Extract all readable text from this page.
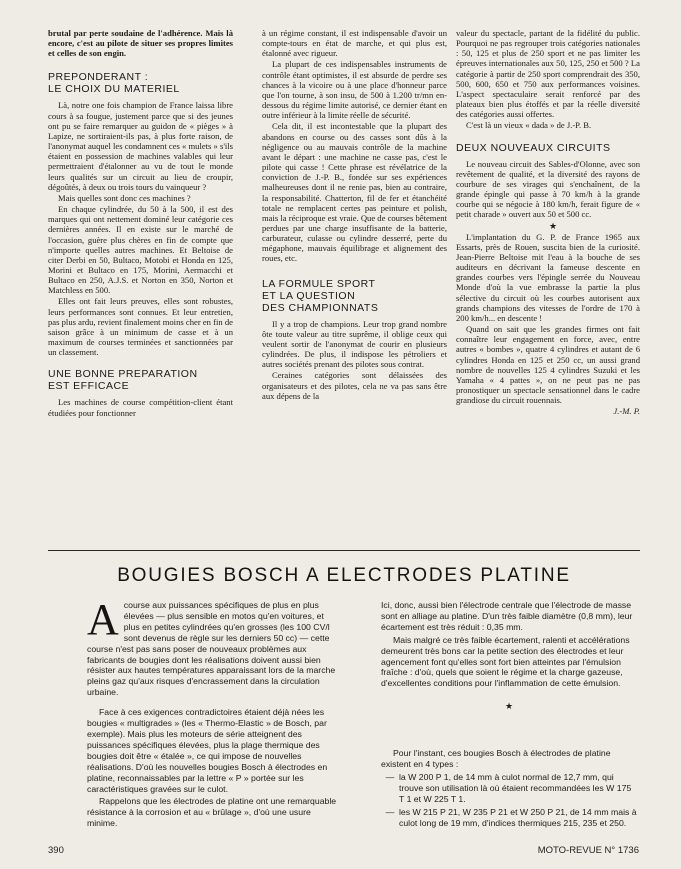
brutal par perte soudaine de l'adhérence. Mais là encore, c'est au pilote de situer ses propres limites et celles de son engin.

PREPONDERANT :
LE CHOIX DU MATERIEL

Là, notre one fois champion de France laissa libre cours à sa fougue, justement parce que si des jeunes ont pu se faire remarquer au guidon de « pièges » à Lapize, ne sortiraient-ils pas, à plus forte raison, de l'anonymat auquel les condamnent ces « mulets » s'ils étaient en possession de machines valables qui leur permettraient d'étalonner au vu de tout le monde leurs qualités sur un circuit au lieu de croupir, dégoûtés, à deux ou trois tours du vainqueur ?

Mais quelles sont donc ces machines ?

En chaque cylindrée, du 50 à la 500, il est des marques qui ont nettement dominé leur catégorie ces dernières années. Il en existe sur le marché de l'occasion, guère plus chères en fin de compte que n'importe quelles autres machines. Et Beltoise de citer Derbi en 50, Bultaco, Motobi et Honda en 125, Morini et Bultaco en 175, Morini, Aermacchi et Bultaco en 250, A.J.S. et Norton en 350, Norton et Matchless en 500.

Elles ont fait leurs preuves, elles sont robustes, leurs performances sont connues. Et leur entretien, pas plus ardu, revient finalement moins cher en fin de saison grâce à un minimum de casse et à un maximum de courses terminées et sanctionnées par un classement.

UNE BONNE PREPARATION
EST EFFICACE

Les machines de course compétition-client étant étudiées pour fonctionner

à un régime constant, il est indispensable d'avoir un compte-tours en état de marche, et qui plus est, étalonné avec rigueur.

La plupart de ces indispensables instruments de contrôle étant optimistes, il est absurde de perdre ses chances à la vicoire ou à une place d'honneur parce que l'on tourne, à son insu, de 500 à 1.200 tr/mn en-dessous du régime limite autorisé, ce dernier étant en outre inférieur à la limite réelle de sécurité.

Cela dit, il est incontestable que la plupart des abandons en course ou des casses sont dûs à la négligence ou au mauvais contrôle de la machine avant le départ : une machine ne casse pas, c'est le pilote qui casse ! Cette phrase est révélatrice de la conviction de J.-P. B., fondée sur ses expériences malheureuses dont il ne renie pas, bien au contraire, la responsabilité. Chatterton, fil de fer et étanchéité totale ne remplacent certes pas peinture et polish, mais la réciproque est vraie. Que de courses bêtement perdues par une charge insuffisante de la batterie, carburateur, culasse ou cylindre desserré, perte du mégaphone, mauvais équilibrage et alignement des roues, etc.

LA FORMULE SPORT
ET LA QUESTION
DES CHAMPIONNATS

Il y a trop de champions. Leur trop grand nombre ôte toute valeur au titre suprême, il oblige ceux qui veulent sortir de l'anonymat de courir en plusieurs cylindrées. De plus, il indispose les pétroliers et autres sociétés prenant des pilotes sous contrat.

Ceraines catégories sont délaissées des organisateurs et des pilotes, cela ne va pas sans être aux dépens de la

valeur du spectacle, partant de la fidélité du public. Pourquoi ne pas regrouper trois catégories nationales : 50, 125 et plus de 250 sport et ne pas limiter les épreuves internationales aux 50, 125, 250 et 500 ? La catégorie à partir de 250 sport comprendrait des 350, 500, 600, 650 et 750 aux performances voisines. L'aspect spectaculaire serait renforcé par des plateaux bien plus étoffés et par la réelle diversité des catégories aussi offertes.

C'est là un vieux « dada » de J.-P. B.

DEUX NOUVEAUX CIRCUITS

Le nouveau circuit des Sables-d'Olonne, avec son revêtement de qualité, et la diversité des rayons de courbure de ses virages qui s'enchaînent, de la grande épingle qui passe à 70 km/h à la grande courbe qui se négocie à 180 km/h, ferait figure de « petit charade » ouvert aux 50 et 500 cc.

★

L'implantation du G. P. de France 1965 aux Essarts, près de Rouen, suscita bien de la curiosité. Jean-Pierre Beltoise mit l'eau à la bouche de ses auditeurs en décrivant la fameuse descente en grandes courbes vers l'épingle serrée du Nouveau Monde d'où la vue embrasse la partie la plus sélective du circuit où les courbes autorisent aux grands champions des vitesses de l'ordre de 170 à 200 km/h... en descente !

Quand on sait que les grandes firmes ont fait connaître leur engagement en force, avec, entre autres « bombes », quatre 4 cylindres et autant de 6 cylindres Honda en 125 et 250 cc, un aussi grand nombre de nouvelles 125 4 cylindres Suzuki et les Yamaha « 4 pattes », on ne peut pas ne pas pronostiquer un spectacle sensationnel dans le cadre grandiose du circuit rouennais.

J.-M. P.

BOUGIES BOSCH A ELECTRODES PLATINE

Acourse aux puissances spécifiques de plus en plus élevées — plus sensible en motos qu'en voitures, et plus en petites cylindrées qu'en grosses (les 100 CV/l sont devenus de règle sur les derniers 50 cc) — cette course n'est pas sans poser de nouveaux problèmes aux fabricants de bougies dont les réalisations doivent aussi bien résister aux hautes températures apparaissant lors de la marche pleins gaz qu'aux risques d'encrassement dans la circulation urbaine.

Face à ces exigences contradictoires étaient déjà nées les bougies « multigrades » (les « Thermo-Elastic » de Bosch, par exemple). Mais plus les moteurs de série atteignent des puissances spécifiques élevées, plus la plage thermique des bougies doit être « étalée », ce qui impose de nouvelles réalisations. D'où les nouvelles bougies Bosch à électrodes en platine, reconnaissables par la lettre « P » portée sur les caractéristiques gravées sur le culot.

Rappelons que les électrodes de platine ont une remarquable résistance à la corrosion et au « brûlage », d'où une usure minime.

Ici, donc, aussi bien l'électrode centrale que l'électrode de masse sont en alliage au platine. D'un très faible diamètre (0,8 mm), leur écartement est très réduit : 0,35 mm.

Mais malgré ce très faible écartement, ralenti et accélérations demeurent très bons car la petite section des électrodes et leur agencement font qu'elles sont fort bien atteintes par l'émulsion fraîche : d'où, quels que soient le régime et la charge gazeuse, d'excellentes conditions pour l'inflammation de cette émulsion.

★

Pour l'instant, ces bougies Bosch à électrodes de platine existent en 4 types :

— la W 200 P 1, de 14 mm à culot normal de 12,7 mm, qui trouve son utilisation là où étaient recommandées les W 175 T 1 et W 225 T 1.
— les W 215 P 21, W 235 P 21 et W 250 P 21, de 14 mm mais à culot long de 19 mm, d'indices thermiques 215, 235 et 250.
390	MOTO-REVUE N° 1736
